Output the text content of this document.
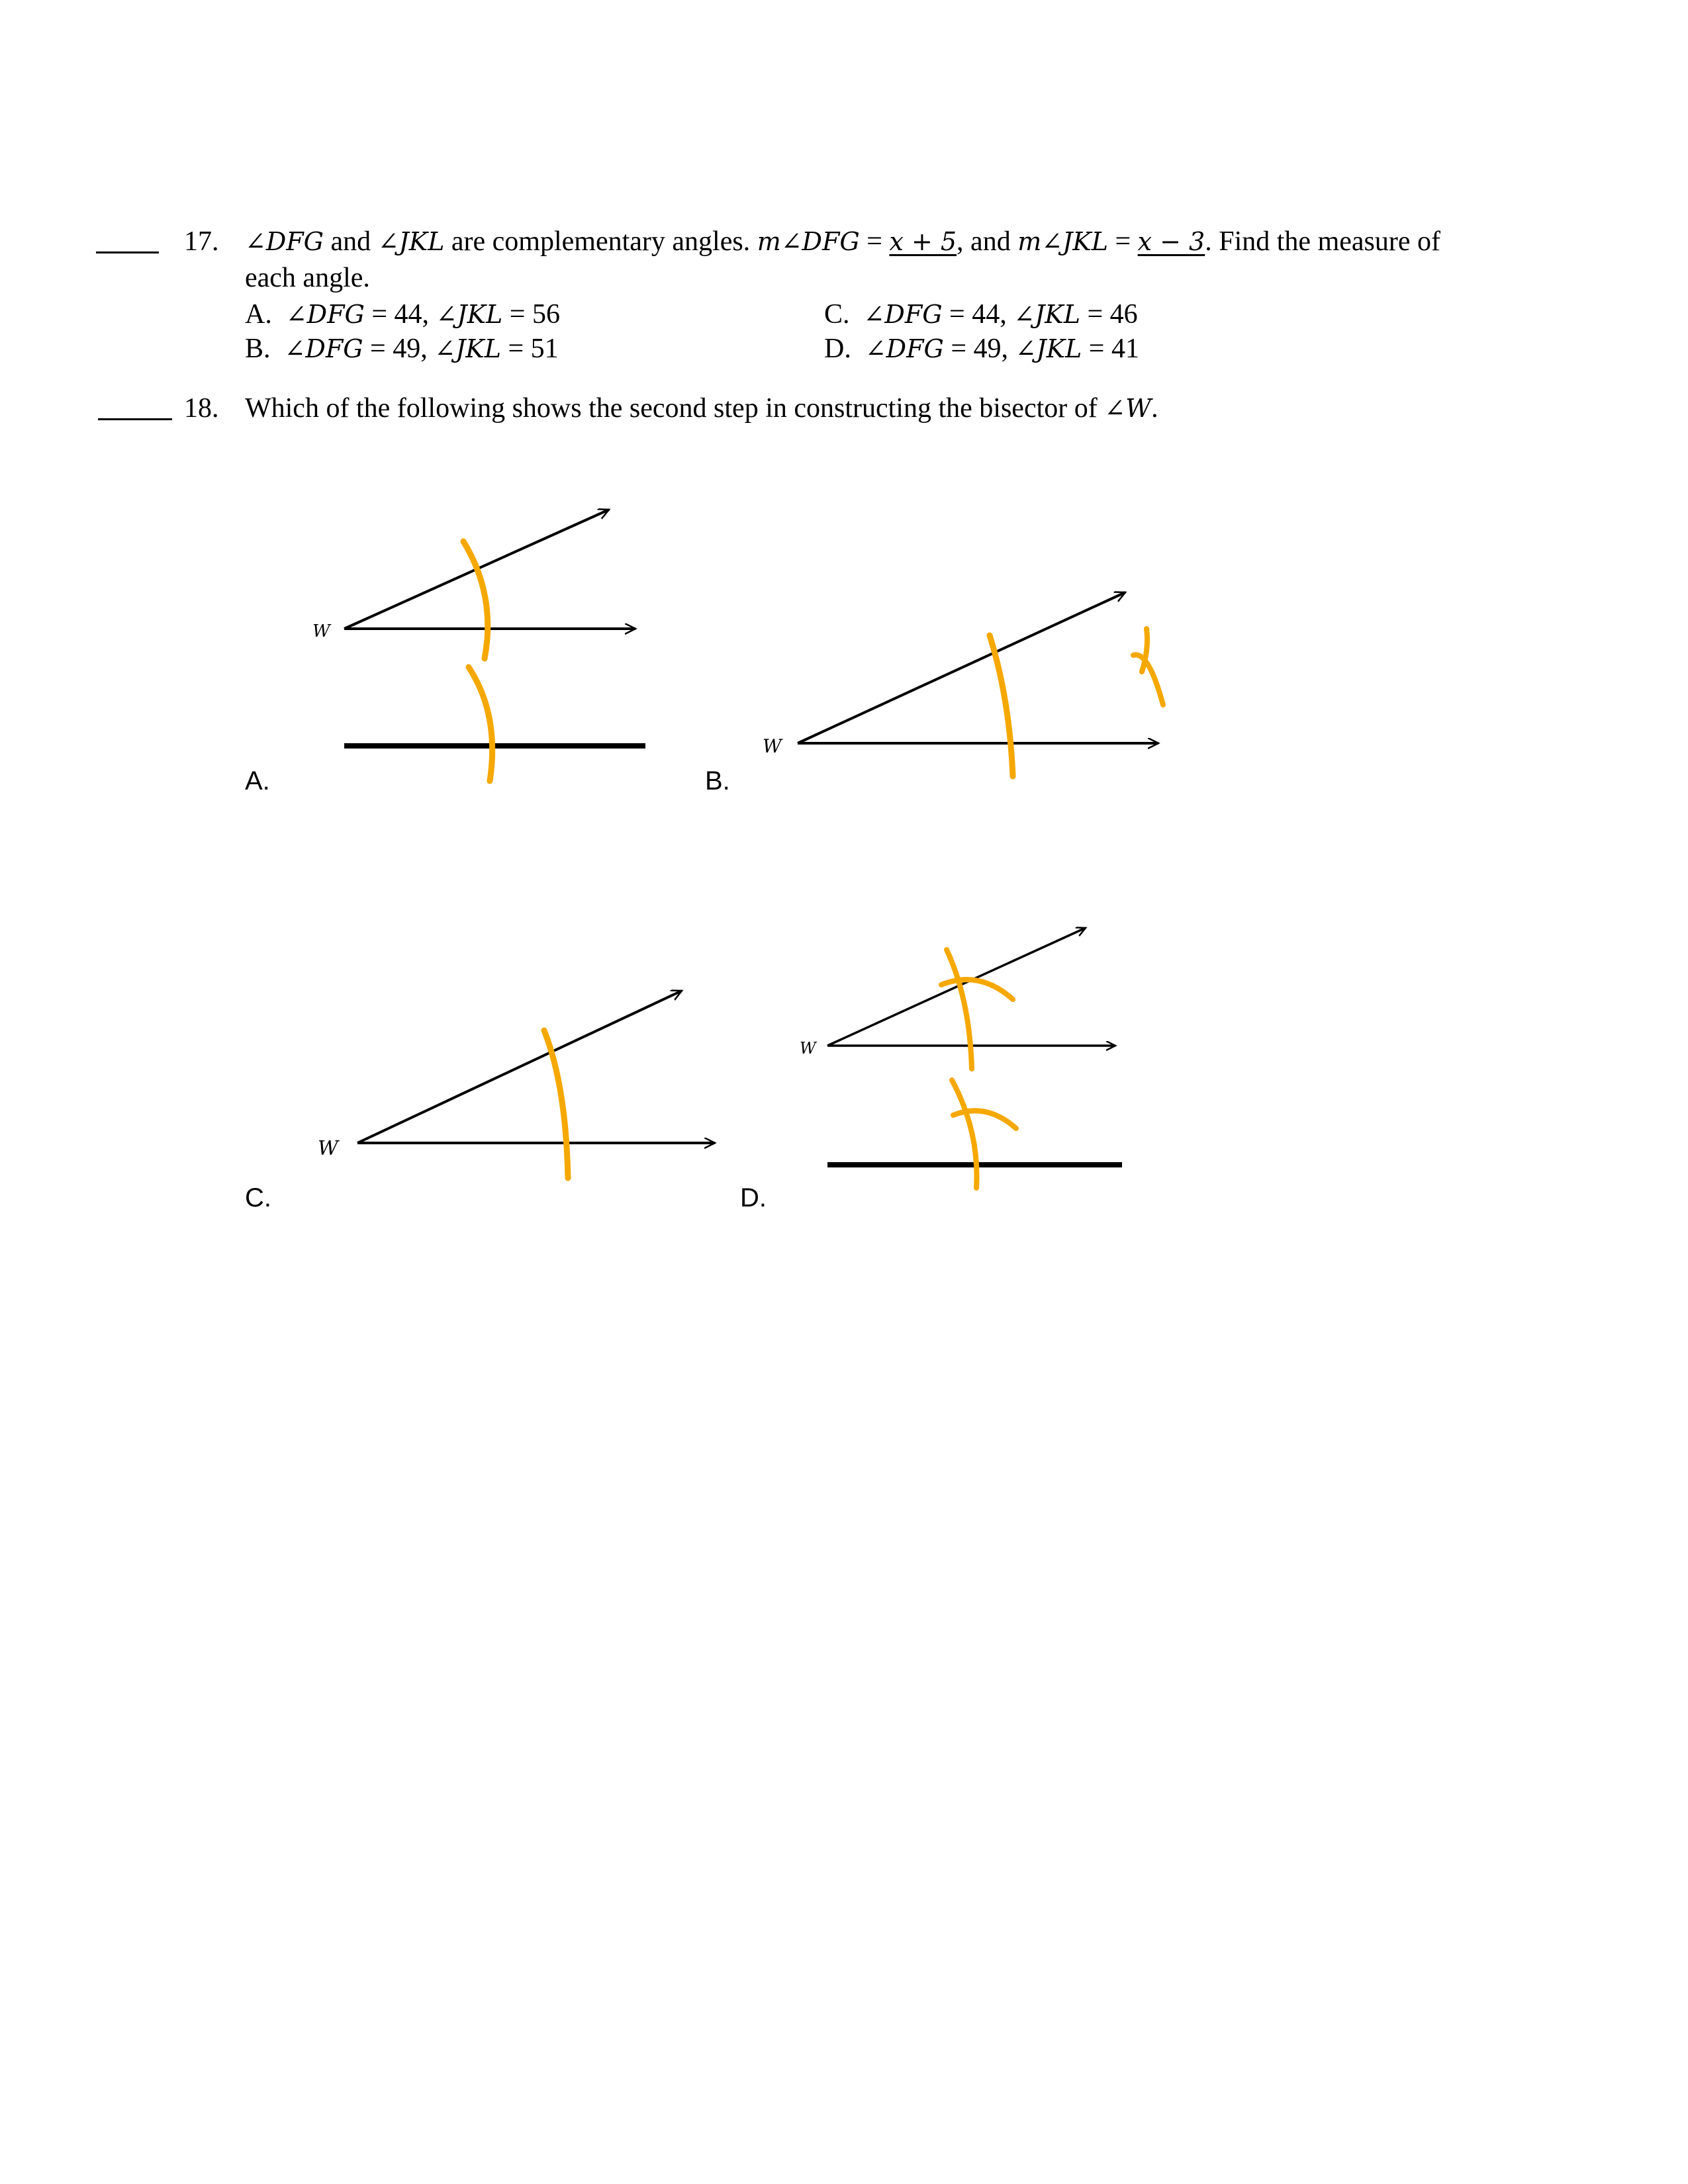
17. ∠DFG and ∠JKL are complementary angles. m∠DFG = x + 5, and m∠JKL = x − 3. Find the measure of
each angle.
A. ∠DFG = 44, ∠JKL = 56
B. ∠DFG = 49, ∠JKL = 51
C. ∠DFG = 44, ∠JKL = 46
D. ∠DFG = 49, ∠JKL = 41
18. Which of the following shows the second step in constructing the bisector of ∠W.
W
A.
W
B.
W
C.
W
D.
